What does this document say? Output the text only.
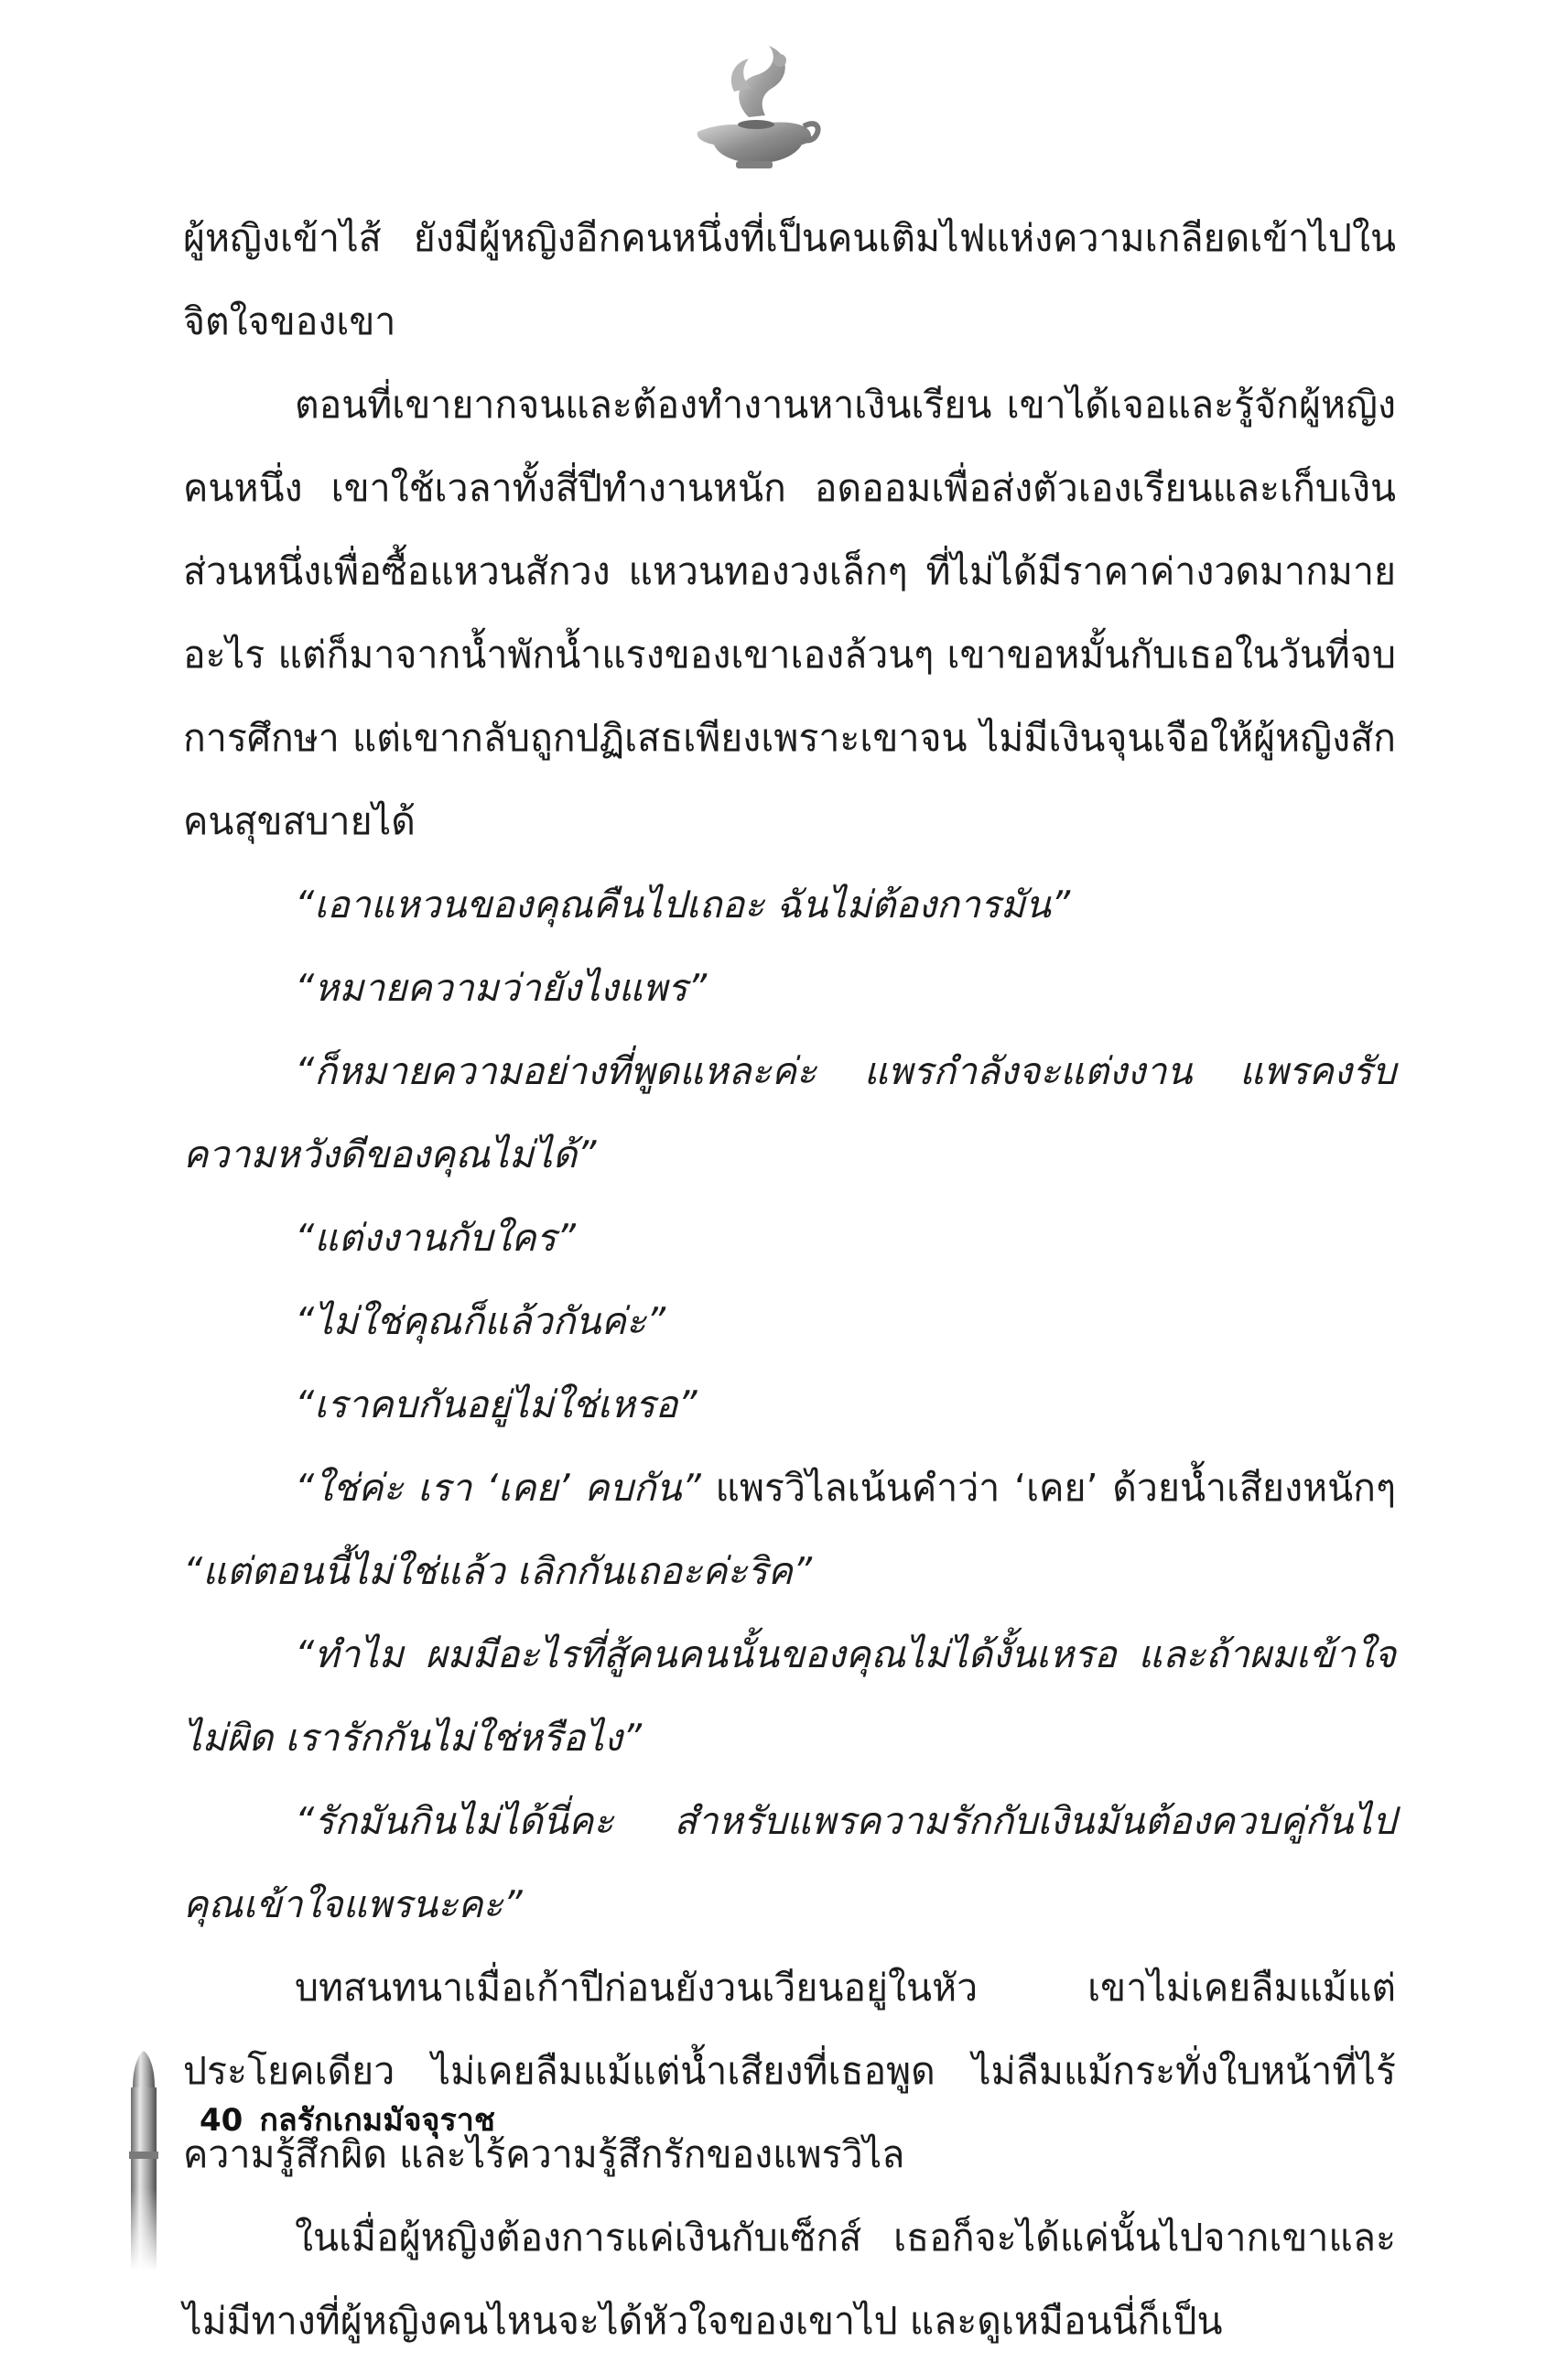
ผู้หญิงเข้าไส้ ยังมีผู้หญิงอีกคนหนึ่งที่เป็นคนเติมไฟแห่งความเกลียดเข้าไปในจิตใจของเขา

ตอนที่เขายากจนและต้องทำงานหาเงินเรียน เขาได้เจอและรู้จักผู้หญิงคนหนึ่ง เขาใช้เวลาทั้งสี่ปีทำงานหนัก อดออมเพื่อส่งตัวเองเรียนและเก็บเงินส่วนหนึ่งเพื่อซื้อแหวนสักวง แหวนทองวงเล็กๆ ที่ไม่ได้มีราคาค่างวดมากมายอะไร แต่ก็มาจากน้ำพักน้ำแรงของเขาเองล้วนๆ เขาขอหมั้นกับเธอในวันที่จบการศึกษา แต่เขากลับถูกปฏิเสธเพียงเพราะเขาจน ไม่มีเงินจุนเจือให้ผู้หญิงสักคนสุขสบายได้

“เอาแหวนของคุณคืนไปเถอะ ฉันไม่ต้องการมัน”

“หมายความว่ายังไงแพร”

“ก็หมายความอย่างที่พูดแหละค่ะ แพรกำลังจะแต่งงาน แพรคงรับความหวังดีของคุณไม่ได้”

“แต่งงานกับใคร”

“ไม่ใช่คุณก็แล้วกันค่ะ”

“เราคบกันอยู่ไม่ใช่เหรอ”

“ใช่ค่ะ เรา ‘เคย’ คบกัน” แพรวิไลเน้นคำว่า ‘เคย’ ด้วยน้ำเสียงหนักๆ “แต่ตอนนี้ไม่ใช่แล้ว เลิกกันเถอะค่ะริค”

“ทำไม ผมมีอะไรที่สู้คนคนนั้นของคุณไม่ได้งั้นเหรอ และถ้าผมเข้าใจไม่ผิด เรารักกันไม่ใช่หรือไง”

“รักมันกินไม่ได้นี่คะ สำหรับแพรความรักกับเงินมันต้องควบคู่กันไป คุณเข้าใจแพรนะคะ”

บทสนทนาเมื่อเก้าปีก่อนยังวนเวียนอยู่ในหัว เขาไม่เคยลืมแม้แต่ประโยคเดียว ไม่เคยลืมแม้แต่น้ำเสียงที่เธอพูด ไม่ลืมแม้กระทั่งใบหน้าที่ไร้ความรู้สึกผิด และไร้ความรู้สึกรักของแพรวิไล

ในเมื่อผู้หญิงต้องการแค่เงินกับเซ็กส์ เธอก็จะได้แค่นั้นไปจากเขาและไม่มีทางที่ผู้หญิงคนไหนจะได้หัวใจของเขาไป และดูเหมือนนี่ก็เป็น

40 กลรักเกมมัจจุราช
